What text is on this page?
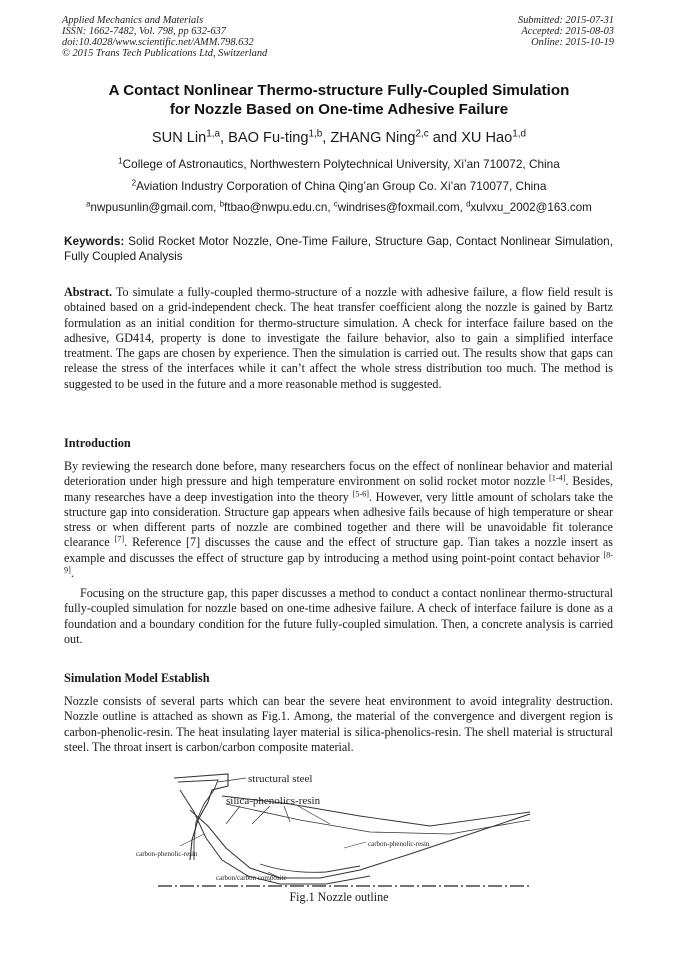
Applied Mechanics and Materials
ISSN: 1662-7482, Vol. 798, pp 632-637
doi:10.4028/www.scientific.net/AMM.798.632
© 2015 Trans Tech Publications Ltd, Switzerland
Submitted: 2015-07-31
Accepted: 2015-08-03
Online: 2015-10-19
A Contact Nonlinear Thermo-structure Fully-Coupled Simulation
for Nozzle Based on One-time Adhesive Failure
SUN Lin$^{1,a}$, BAO Fu-ting$^{1,b}$, ZHANG Ning$^{2,c}$ and XU Hao$^{1,d}$
$^1$College of Astronautics, Northwestern Polytechnical University, Xi’an 710072, China
$^2$Aviation Industry Corporation of China Qing’an Group Co. Xi’an 710077, China
$^a$nwpusunlin@gmail.com, $^b$ftbao@nwpu.edu.cn, $^c$windrises@foxmail.com, $^d$xulvxu_2002@163.com
Keywords: Solid Rocket Motor Nozzle, One-Time Failure, Structure Gap, Contact Nonlinear Simulation, Fully Coupled Analysis
Abstract. To simulate a fully-coupled thermo-structure of a nozzle with adhesive failure, a flow field result is obtained based on a grid-independent check. The heat transfer coefficient along the nozzle is gained by Bartz formulation as an initial condition for thermo-structure simulation. A check for interface failure based on the adhesive, GD414, property is done to investigate the failure behavior, also to gain a simplified interface treatment. The gaps are chosen by experience. Then the simulation is carried out. The results show that gaps can release the stress of the interfaces while it can’t affect the whole stress distribution too much. The method is suggested to be used in the future and a more reasonable method is suggested.
Introduction
By reviewing the research done before, many researchers focus on the effect of nonlinear behavior and material deterioration under high pressure and high temperature environment on solid rocket motor nozzle [1-4]. Besides, many researches have a deep investigation into the theory [5-6]. However, very little amount of scholars take the structure gap into consideration. Structure gap appears when adhesive fails because of high temperature or shear stress or when different parts of nozzle are combined together and there will be unavoidable fit tolerance clearance [7]. Reference [7] discusses the cause and the effect of structure gap. Tian takes a nozzle insert as example and discusses the effect of structure gap by introducing a method using point-point contact behavior [8-9].
Focusing on the structure gap, this paper discusses a method to conduct a contact nonlinear thermo-structural fully-coupled simulation for nozzle based on one-time adhesive failure. A check of interface failure is done as a foundation and a boundary condition for the future fully-coupled simulation. Then, a concrete analysis is carried out.
Simulation Model Establish
Nozzle consists of several parts which can bear the severe heat environment to avoid integrality destruction. Nozzle outline is attached as shown as Fig.1. Among, the material of the convergence and divergent region is carbon-phenolic-resin. The heat insulating layer material is silica-phenolics-resin. The shell material is structural steel. The throat insert is carbon/carbon composite material.
structural steel
silica-phenolics-resin
carbon-phenolic-resin
carbon-phenolic-resin
carbon/carbon composite
Fig.1 Nozzle outline
